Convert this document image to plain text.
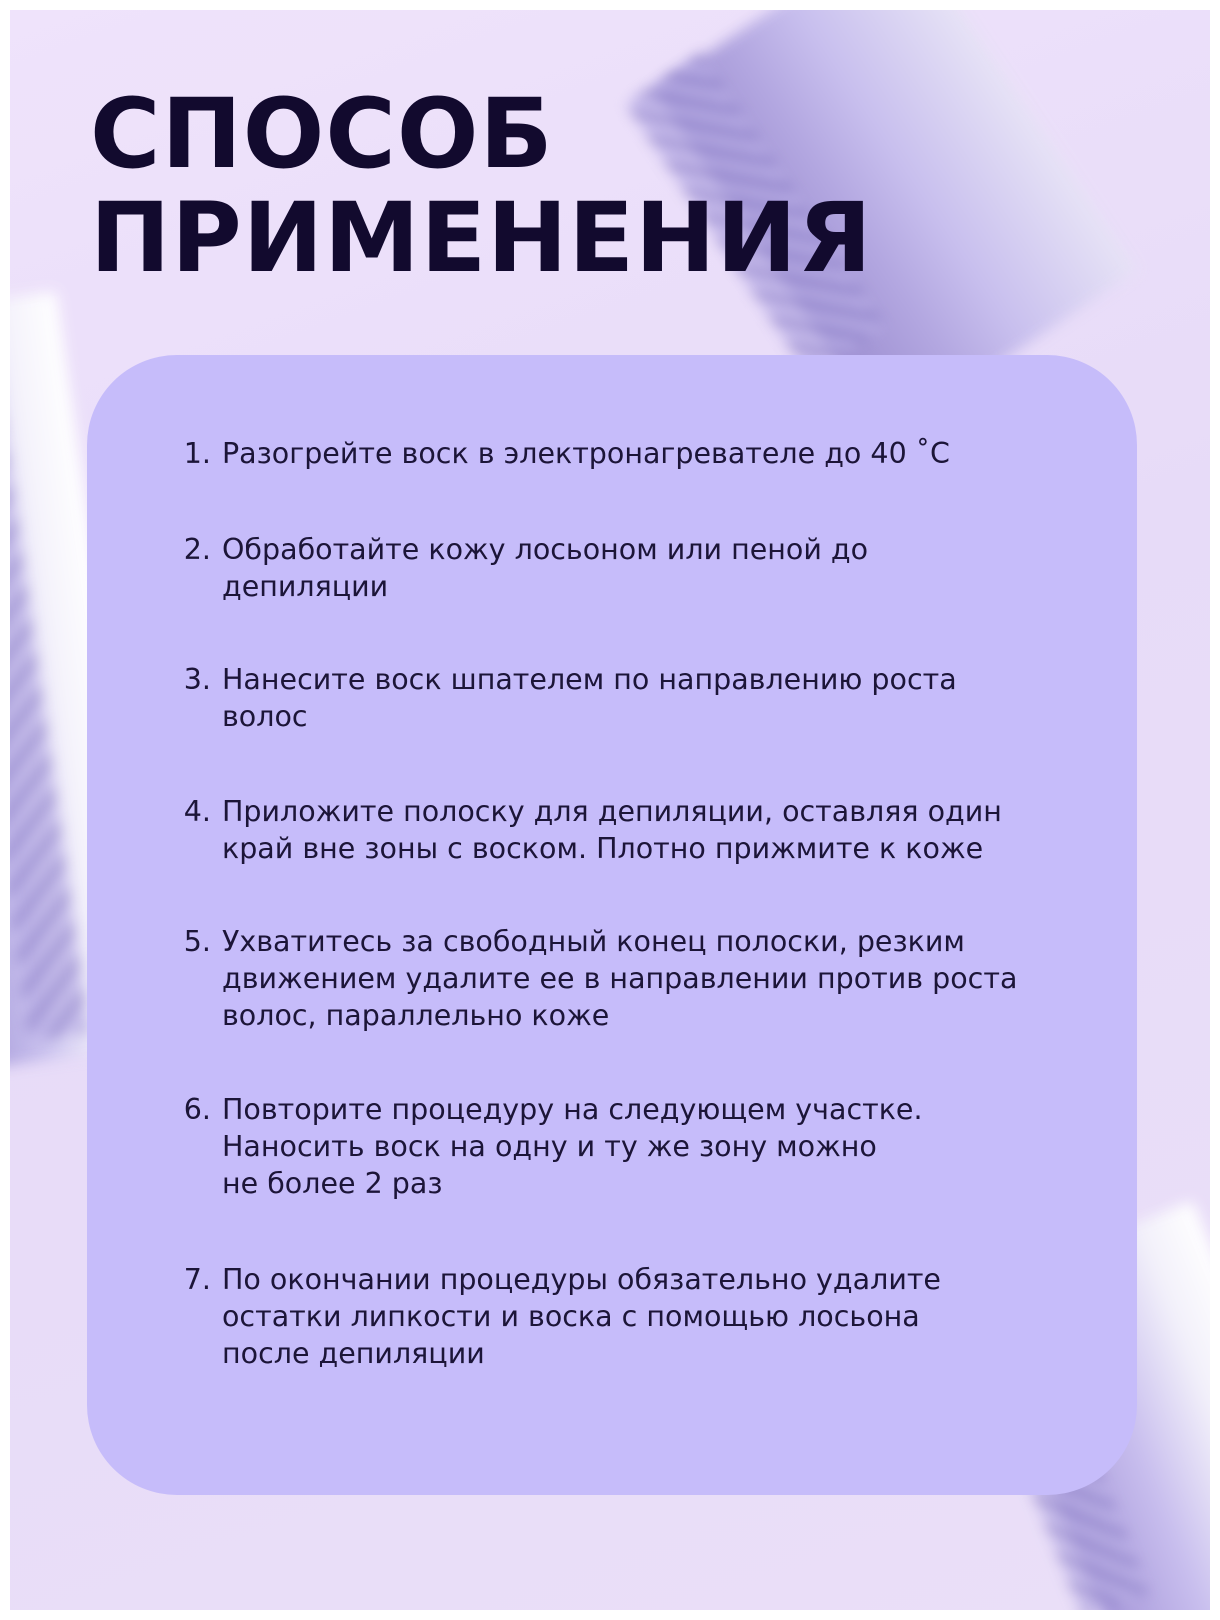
СПОСОБ
ПРИМЕНЕНИЯ
1. Разогрейте воск в электронагревателе до 40 ˚С
2. Обработайте кожу лосьоном или пеной до
депиляции
3. Нанесите воск шпателем по направлению роста
волос
4. Приложите полоску для депиляции, оставляя один
край вне зоны с воском. Плотно прижмите к коже
5. Ухватитесь за свободный конец полоски, резким
движением удалите ее в направлении против роста
волос, параллельно коже
6. Повторите процедуру на следующем участке.
Наносить воск на одну и ту же зону можно
не более 2 раз
7. По окончании процедуры обязательно удалите
остатки липкости и воска с помощью лосьона
после депиляции
